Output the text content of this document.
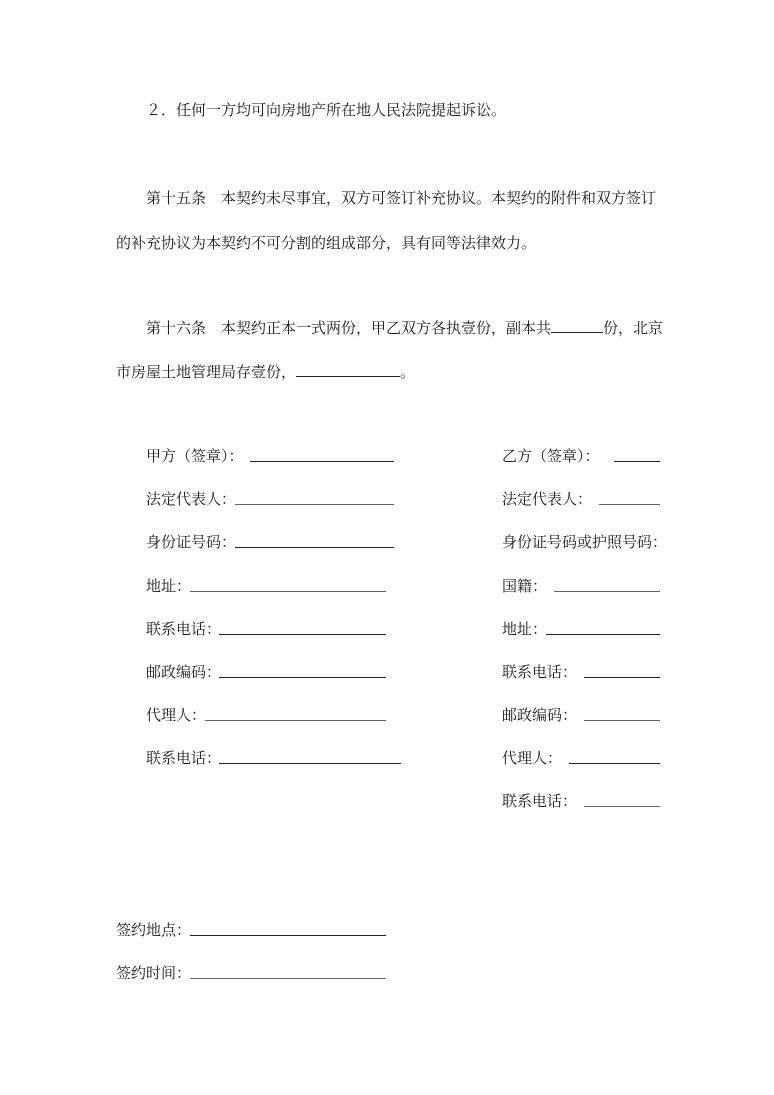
２．任何一方均可向房地产所在地人民法院提起诉讼。
第十五条　本契约未尽事宜，双方可签订补充协议。本契约的附件和双方签订
的补充协议为本契约不可分割的组成部分，具有同等法律效力。
第十六条　本契约正本一式两份，甲乙双方各执壹份，副本共	份，北京
市房屋土地管理局存壹份，	。
甲方（签章）：
法定代表人：
身份证号码：
地址：
联系电话：
邮政编码：
代理人：
联系电话：
乙方（签章）：
法定代表人：
身份证号码或护照号码：
国籍：
地址：
联系电话：
邮政编码：
代理人：
联系电话：
签约地点：
签约时间：
